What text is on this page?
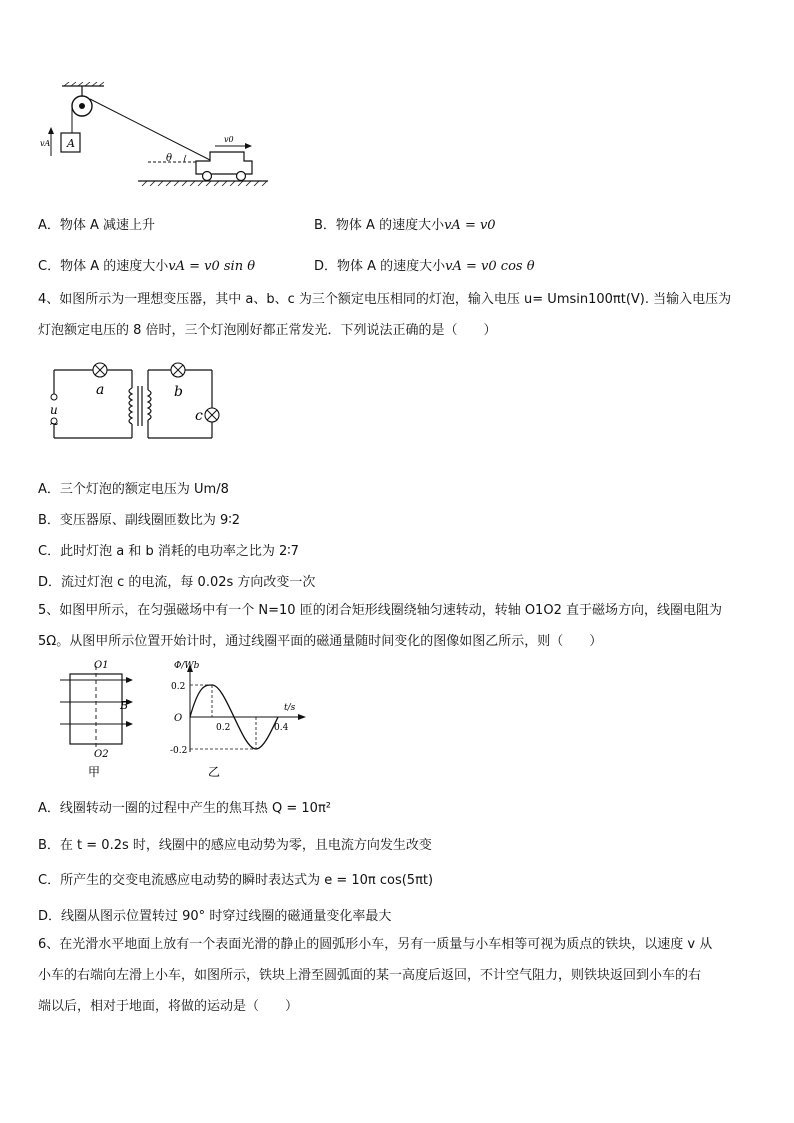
A
vA
θ
v0
A．物体 A 减速上升	B．物体 A 的速度大小vA = v0
C．物体 A 的速度大小vA = v0 sin θ	D．物体 A 的速度大小vA = v0 cos θ
4、如图所示为一理想变压器，其中 a、b、c 为三个额定电压相同的灯泡，输入电压 u= Umsin100πt(V). 当输入电压为
灯泡额定电压的 8 倍时，三个灯泡刚好都正常发光．下列说法正确的是（　　）
u
~
a	b
c
A．三个灯泡的额定电压为 Um/8
B．变压器原、副线圈匝数比为 9∶2
C．此时灯泡 a 和 b 消耗的电功率之比为 2∶7
D．流过灯泡 c 的电流，每 0.02s 方向改变一次
5、如图甲所示，在匀强磁场中有一个 N=10 匝的闭合矩形线圈绕轴匀速转动，转轴 O1O2 直于磁场方向，线圈电阻为
5Ω。从图甲所示位置开始计时，通过线圈平面的磁通量随时间变化的图像如图乙所示，则（　　）
O1
O2
B
甲
Φ/Wb
t/s
O
0.2
-0.2
0.2	0.4
乙
A．线圈转动一圈的过程中产生的焦耳热 Q = 10π²
B．在 t = 0.2s 时，线圈中的感应电动势为零，且电流方向发生改变
C．所产生的交变电流感应电动势的瞬时表达式为 e = 10π cos(5πt)
D．线圈从图示位置转过 90° 时穿过线圈的磁通量变化率最大
6、在光滑水平地面上放有一个表面光滑的静止的圆弧形小车，另有一质量与小车相等可视为质点的铁块，以速度 v 从
小车的右端向左滑上小车，如图所示，铁块上滑至圆弧面的某一高度后返回，不计空气阻力，则铁块返回到小车的右
端以后，相对于地面，将做的运动是（　　）
